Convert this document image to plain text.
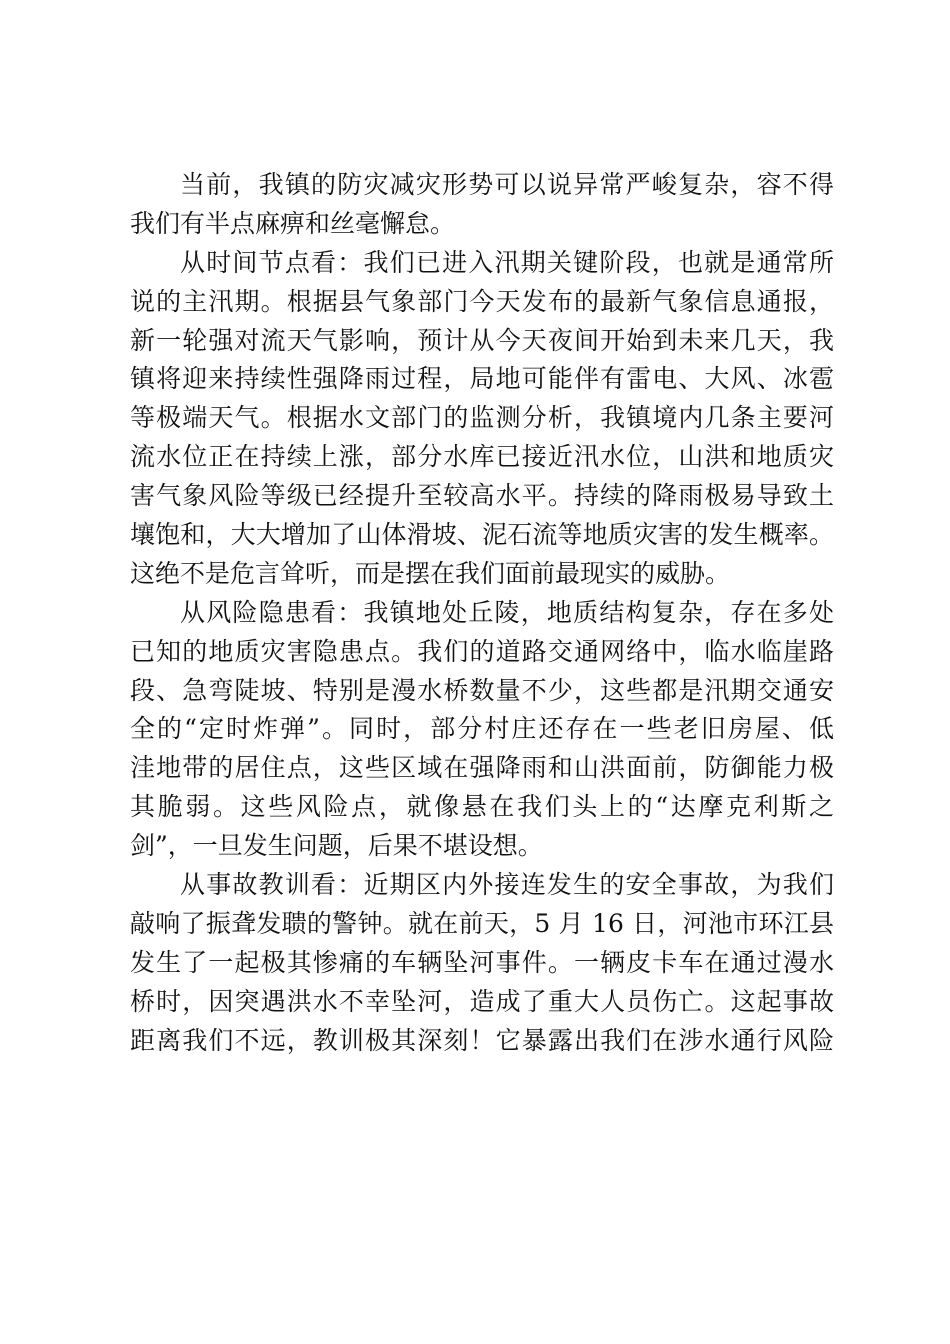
当前，我镇的防灾减灾形势可以说异常严峻复杂，容不得
我们有半点麻痹和丝毫懈怠。
从时间节点看：我们已进入汛期关键阶段，也就是通常所
说的主汛期。根据县气象部门今天发布的最新气象信息通报，
新一轮强对流天气影响，预计从今天夜间开始到未来几天，我
镇将迎来持续性强降雨过程，局地可能伴有雷电、大风、冰雹
等极端天气。根据水文部门的监测分析，我镇境内几条主要河
流水位正在持续上涨，部分水库已接近汛水位，山洪和地质灾
害气象风险等级已经提升至较高水平。持续的降雨极易导致土
壤饱和，大大增加了山体滑坡、泥石流等地质灾害的发生概率。
这绝不是危言耸听，而是摆在我们面前最现实的威胁。
从风险隐患看：我镇地处丘陵，地质结构复杂，存在多处
已知的地质灾害隐患点。我们的道路交通网络中，临水临崖路
段、急弯陡坡、特别是漫水桥数量不少，这些都是汛期交通安
全的“定时炸弹”。同时，部分村庄还存在一些老旧房屋、低
洼地带的居住点，这些区域在强降雨和山洪面前，防御能力极
其脆弱。这些风险点，就像悬在我们头上的“达摩克利斯之
剑”，一旦发生问题，后果不堪设想。
从事故教训看：近期区内外接连发生的安全事故，为我们
敲响了振聋发聩的警钟。就在前天，5 月 16 日，河池市环江县
发生了一起极其惨痛的车辆坠河事件。一辆皮卡车在通过漫水
桥时，因突遇洪水不幸坠河，造成了重大人员伤亡。这起事故
距离我们不远，教训极其深刻！它暴露出我们在涉水通行风险
